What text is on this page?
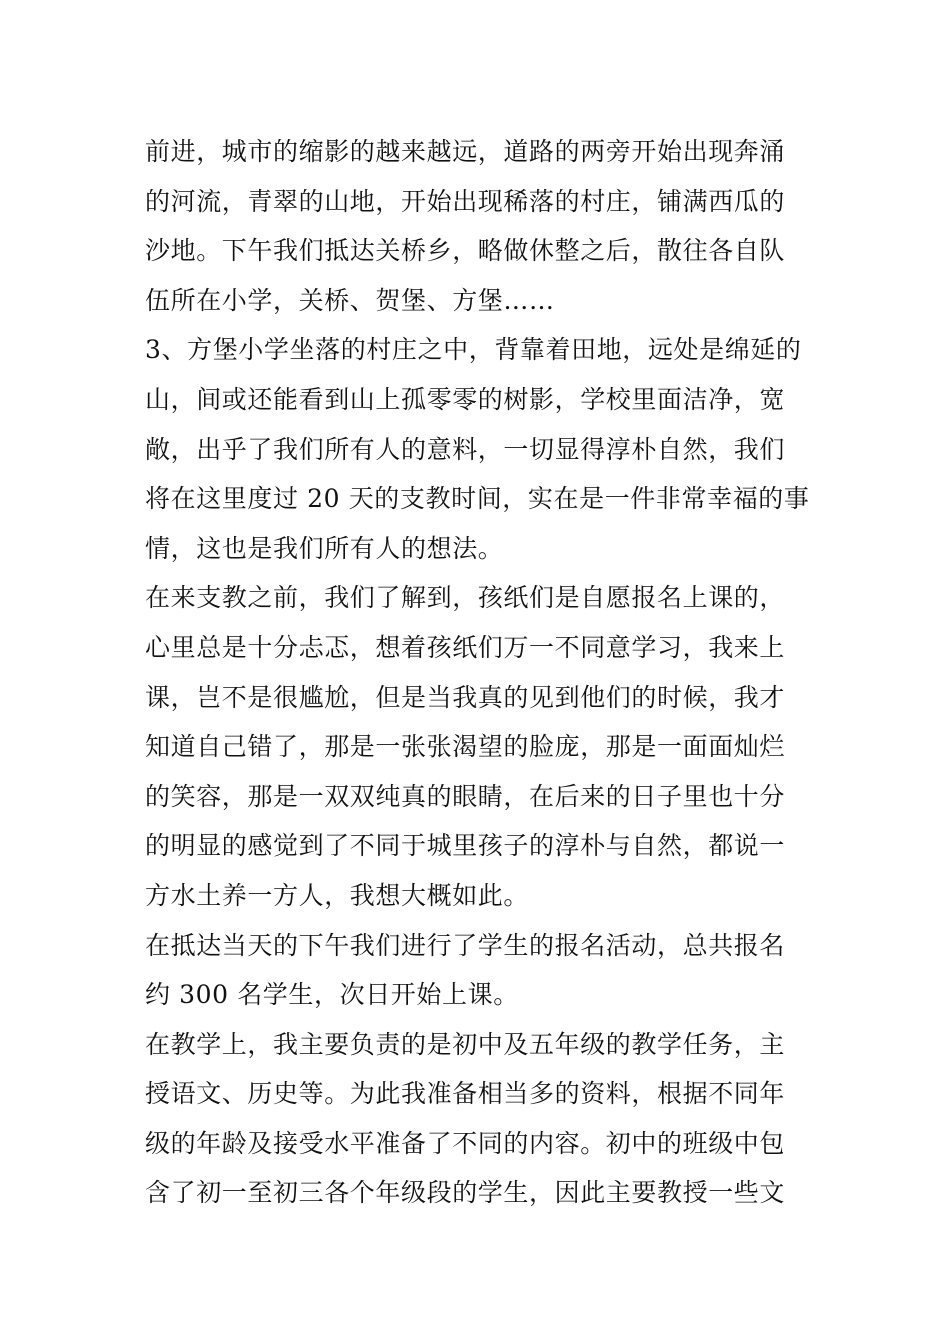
前进，城市的缩影的越来越远，道路的两旁开始出现奔涌
的河流，青翠的山地，开始出现稀落的村庄，铺满西瓜的
沙地。下午我们抵达关桥乡，略做休整之后，散往各自队
伍所在小学，关桥、贺堡、方堡……
3、方堡小学坐落的村庄之中，背靠着田地，远处是绵延的
山，间或还能看到山上孤零零的树影，学校里面洁净，宽
敞，出乎了我们所有人的意料，一切显得淳朴自然，我们
将在这里度过 20 天的支教时间，实在是一件非常幸福的事
情，这也是我们所有人的想法。
在来支教之前，我们了解到，孩纸们是自愿报名上课的，
心里总是十分忐忑，想着孩纸们万一不同意学习，我来上
课，岂不是很尴尬，但是当我真的见到他们的时候，我才
知道自己错了，那是一张张渴望的脸庞，那是一面面灿烂
的笑容，那是一双双纯真的眼睛，在后来的日子里也十分
的明显的感觉到了不同于城里孩子的淳朴与自然，都说一
方水土养一方人，我想大概如此。
在抵达当天的下午我们进行了学生的报名活动，总共报名
约 300 名学生，次日开始上课。
在教学上，我主要负责的是初中及五年级的教学任务，主
授语文、历史等。为此我准备相当多的资料，根据不同年
级的年龄及接受水平准备了不同的内容。初中的班级中包
含了初一至初三各个年级段的学生，因此主要教授一些文
